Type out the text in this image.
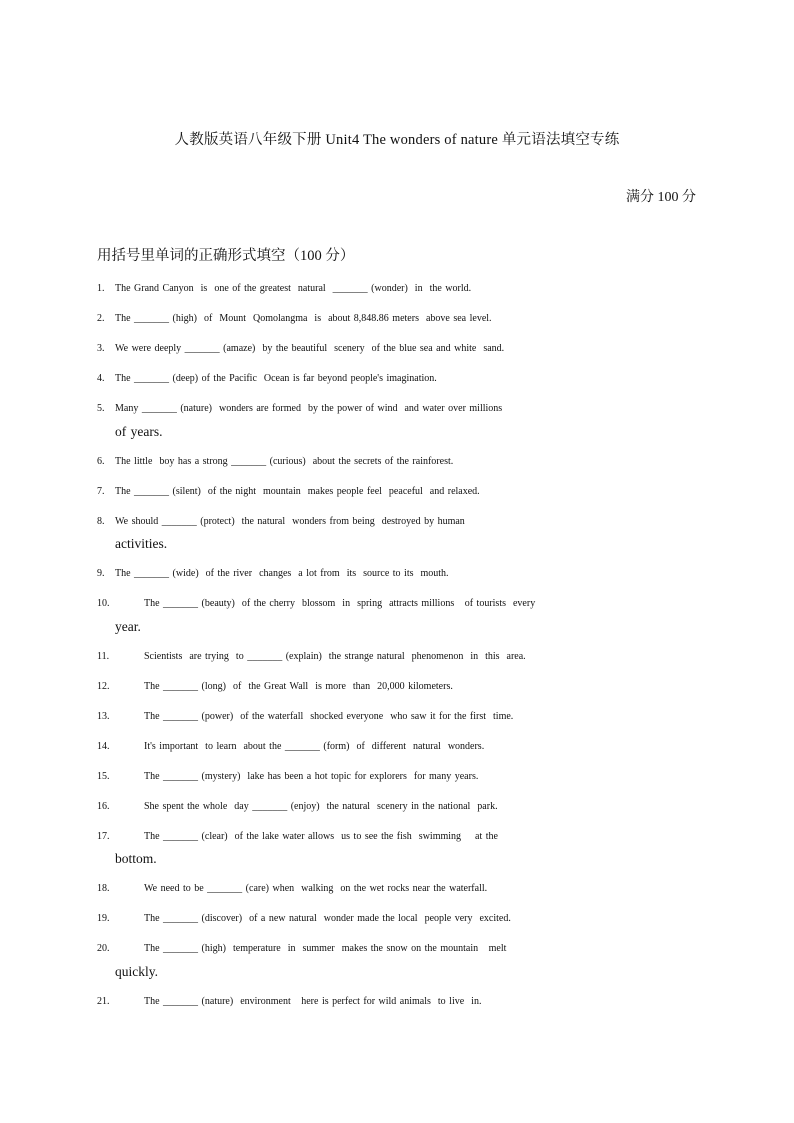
人教版英语八年级下册 Unit4 The wonders of nature 单元语法填空专练
满分 100 分
用括号里单词的正确形式填空（100 分）
1. The Grand Canyon  is  one of the greatest  natural  _______ (wonder)  in  the world.
2. The _______ (high)  of  Mount  Qomolangma  is  about 8,848.86 meters  above sea level.
3. We were deeply _______ (amaze)  by the beautiful  scenery  of the blue sea and white  sand.
4. The _______ (deep) of the Pacific  Ocean is far beyond people's imagination.
5. Many _______ (nature)  wonders are formed  by the power of wind  and water over millions
of years.
6. The little  boy has a strong _______ (curious)  about the secrets of the rainforest.
7. The _______ (silent)  of the night  mountain  makes people feel  peaceful  and relaxed.
8. We should _______ (protect)  the natural  wonders from being  destroyed by human
activities.
9. The _______ (wide)  of the river  changes  a lot from  its  source to its  mouth.
10.	The _______ (beauty)  of the cherry  blossom  in  spring  attracts millions   of tourists  every
year.
11.	Scientists  are trying  to _______ (explain)  the strange natural  phenomenon  in  this  area.
12.	The _______ (long)  of  the Great Wall  is more  than  20,000 kilometers.
13.	The _______ (power)  of the waterfall  shocked everyone  who saw it for the first  time.
14.	It's important  to learn  about the _______ (form)  of  different  natural  wonders.
15.	The _______ (mystery)  lake has been a hot topic for explorers  for many years.
16.	She spent the whole  day _______ (enjoy)  the natural  scenery in the national  park.
17.	The _______ (clear)  of the lake water allows  us to see the fish  swimming    at the
bottom.
18.	We need to be _______ (care) when  walking  on the wet rocks near the waterfall.
19.	The _______ (discover)  of a new natural  wonder made the local  people very  excited.
20.	The _______ (high)  temperature  in  summer  makes the snow on the mountain   melt
quickly.
21.	The _______ (nature)  environment   here is perfect for wild animals  to live  in.
